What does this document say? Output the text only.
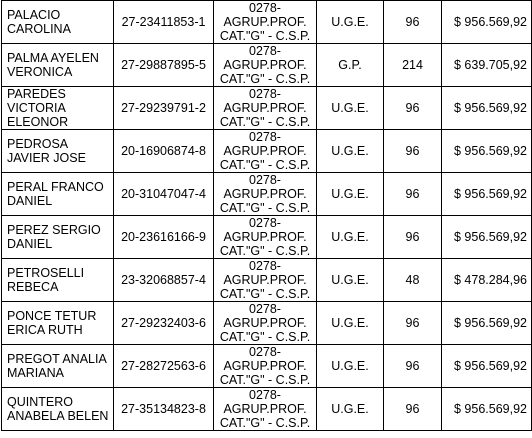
PALACIO CAROLINA	27-23411853-1	0278-
AGRUP.PROF.
CAT."G" - C.S.P.	U.G.E.	96	$ 956.569,92
PALMA AYELEN VERONICA	27-29887895-5	0278-
AGRUP.PROF.
CAT."G" - C.S.P.	G.P.	214	$ 639.705,92
PAREDES VICTORIA ELEONOR	27-29239791-2	0278-
AGRUP.PROF.
CAT."G" - C.S.P.	U.G.E.	96	$ 956.569,92
PEDROSA JAVIER JOSE	20-16906874-8	0278-
AGRUP.PROF.
CAT."G" - C.S.P.	U.G.E.	96	$ 956.569,92
PERAL FRANCO DANIEL	20-31047047-4	0278-
AGRUP.PROF.
CAT."G" - C.S.P.	U.G.E.	96	$ 956.569,92
PEREZ SERGIO DANIEL	20-23616166-9	0278-
AGRUP.PROF.
CAT."G" - C.S.P.	U.G.E.	96	$ 956.569,92
PETROSELLI REBECA	23-32068857-4	0278-
AGRUP.PROF.
CAT."G" - C.S.P.	U.G.E.	48	$ 478.284,96
PONCE TETUR ERICA RUTH	27-29232403-6	0278-
AGRUP.PROF.
CAT."G" - C.S.P.	U.G.E.	96	$ 956.569,92
PREGOT ANALIA MARIANA	27-28272563-6	0278-
AGRUP.PROF.
CAT."G" - C.S.P.	U.G.E.	96	$ 956.569,92
QUINTERO ANABELA BELEN	27-35134823-8	0278-
AGRUP.PROF.
CAT."G" - C.S.P.	U.G.E.	96	$ 956.569,92
